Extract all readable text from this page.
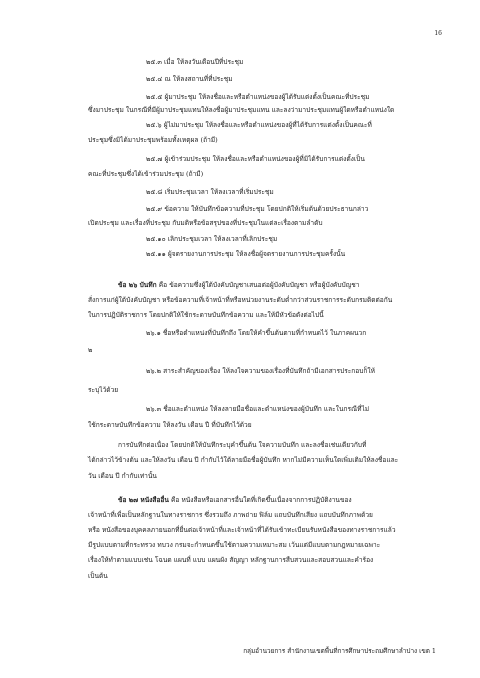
16
๒๕.๓ เมื่อ ให้ลงวันเดือนปีที่ประชุม
๒๕.๔ ณ ให้ลงสถานที่ที่ประชุม
๒๕.๕ ผู้มาประชุม ให้ลงชื่อและหรือตำแหน่งของผู้ได้รับแต่งตั้งเป็นคณะที่ประชุม
ซึ่งมาประชุม ในกรณีที่มีผู้มาประชุมแทนให้ลงชื่อผู้มาประชุมแทน และลงว่ามาประชุมแทนผู้ใดหรือตำแหน่งใด
๒๕.๖ ผู้ไม่มาประชุม ให้ลงชื่อและหรือตำแหน่งของผู้ที่ได้รับการแต่งตั้งเป็นคณะที่
ประชุมซึ่งมิได้มาประชุมพร้อมทั้งเหตุผล (ถ้ามี)
๒๕.๗ ผู้เข้าร่วมประชุม ให้ลงชื่อและหรือตำแหน่งของผู้ที่มิได้รับการแต่งตั้งเป็น
คณะที่ประชุมซึ่งได้เข้าร่วมประชุม (ถ้ามี)
๒๕.๘ เริ่มประชุมเวลา ให้ลงเวลาที่เริ่มประชุม
๒๕.๙ ข้อความ ให้บันทึกข้อความที่ประชุม โดยปกติให้เริ่มต้นด้วยประธานกล่าว
เปิดประชุม และเรื่องที่ประชุม กับมติหรือข้อสรุปของที่ประชุมในแต่ละเรื่องตามลำดับ
๒๕.๑๐ เลิกประชุมเวลา ให้ลงเวลาที่เลิกประชุม
๒๕.๑๑ ผู้จดรายงานการประชุม ให้ลงชื่อผู้จดรายงานการประชุมครั้งนั้น
ข้อ ๒๖ บันทึก คือ ข้อความซึ่งผู้ใต้บังคับบัญชาเสนอต่อผู้บังคับบัญชา หรือผู้บังคับบัญชา
สั่งการแก่ผู้ใต้บังคับบัญชา หรือข้อความที่เจ้าหน้าที่หรือหน่วยงานระดับต่ำกว่าส่วนราชการระดับกรมติดต่อกัน
ในการปฏิบัติราชการ โดยปกติให้ใช้กระดาษบันทึกข้อความ และให้มีหัวข้อดังต่อไปนี้
๒๖.๑ ชื่อหรือตำแหน่งที่บันทึกถึง โดยให้คำขึ้นต้นตามที่กำหนดไว้ ในภาคผนวก
๒
๒๖.๒ สาระสำคัญของเรื่อง ให้ลงใจความของเรื่องที่บันทึกถ้ามีเอกสารประกอบก็ให้
ระบุไว้ด้วย
๒๖.๓ ชื่อและตำแหน่ง ให้ลงลายมือชื่อและตำแหน่งของผู้บันทึก และในกรณีที่ไม่
ใช้กระดาษบันทึกข้อความ ให้ลงวัน เดือน ปี ที่บันทึกไว้ด้วย
การบันทึกต่อเนื่อง โดยปกติให้บันทึกระบุคำขึ้นต้น ใจความบันทึก และลงชื่อเช่นเดียวกับที่
ได้กล่าวไว้ข้างต้น และให้ลงวัน เดือน ปี กำกับไว้ใต้ลายมือชื่อผู้บันทึก หากไม่มีความเห็นใดเพิ่มเติมให้ลงชื่อและ
วัน เดือน ปี กำกับเท่านั้น
ข้อ ๒๗ หนังสืออื่น คือ หนังสือหรือเอกสารอื่นใดที่เกิดขึ้นเนื่องจากการปฏิบัติงานของ
เจ้าหน้าที่เพื่อเป็นหลักฐานในทางราชการ ซึ่งรวมถึง ภาพถ่าย ฟิล์ม แถบบันทึกเสียง แถบบันทึกภาพด้วย
หรือ หนังสือของบุคคลภายนอกที่ยื่นต่อเจ้าหน้าที่และเจ้าหน้าที่ได้รับเข้าทะเบียนรับหนังสือของทางราชการแล้ว
มีรูปแบบตามที่กระทรวง ทบวง กรมจะกำหนดขึ้นใช้ตามความเหมาะสม เว้นแต่มีแบบตามกฎหมายเฉพาะ
เรื่องให้ทำตามแบบเช่น โฉนด แผนที่ แบบ แผนผัง สัญญา หลักฐานการสืบสวนและสอบสวนและคำร้อง
เป็นต้น
กลุ่มอำนวยการ สำนักงานเขตพื้นที่การศึกษาประถมศึกษาลำปาง เขต 1
